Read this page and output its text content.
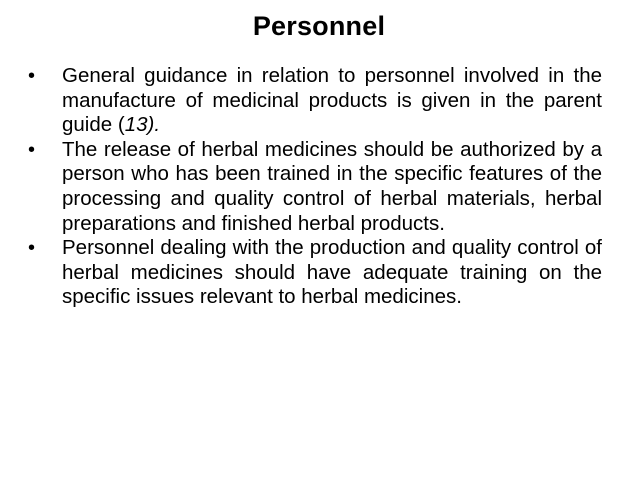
Personnel
•	General guidance in relation to personnel involved in the manufacture of medicinal products is given in the parent guide (13).
•	The release of herbal medicines should be authorized by a person who has been trained in the specific features of the processing and quality control of herbal materials, herbal preparations and finished herbal products.
•	Personnel dealing with the production and quality control of herbal medicines should have adequate training on the specific issues relevant to herbal medicines.
